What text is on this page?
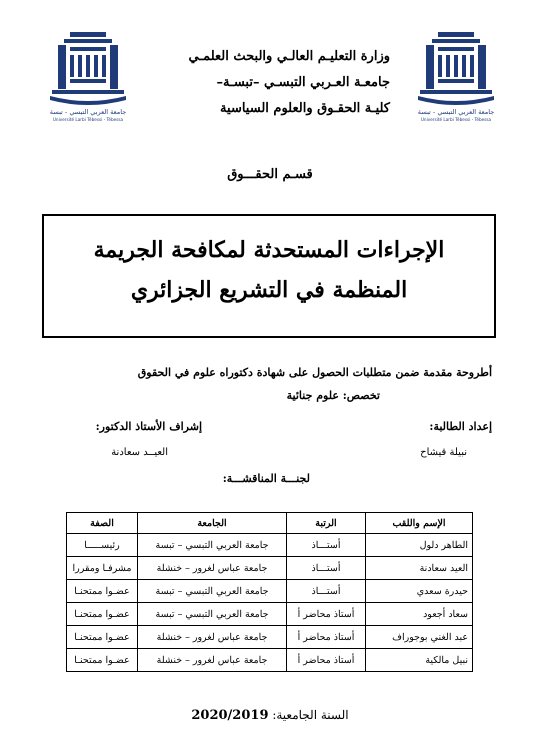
جامعة العربي التبسي - تبسة
Université Larbi Tébessi - Tébessa
جامعة العربي التبسي - تبسة
Université Larbi Tébessi - Tébessa
وزارة التعليـم العالـي والبحث العلمـي
جامعـة العـربي التبسـي –تبسـة–
كليـة الحقـوق والعلوم السياسية
قسـم الحقـــوق
الإجراءات المستحدثة لمكافحة الجريمة
المنظمة في التشريع الجزائري
أطروحة مقدمة ضمن متطلبات الحصول على شهادة دكتوراه علوم في الحقوق
تخصص: علوم جنائية
إعداد الطالبة:
نبيلة قيشاح
إشراف الأستاذ الدكتور:
العيــد سعادنة
لجنـــة المناقشـــة:
الإسم واللقب	الرتبة	الجامعة	الصفة
الطاهر دلول	أستـــاذ	جامعة العربي التبسي – تبسة	رئيســـــا
العيد سعادنة	أستـــاذ	جامعة عباس لغرور – خنشلة	مشرفـا ومقررا
حيدرة سعدي	أستـــاذ	جامعة العربي التبسي – تبسة	عضـوا ممتحنـا
سعاد أجعود	أستاذ محاضر أ	جامعة العربي التبسي – تبسة	عضـوا ممتحنـا
عبد الغني بوجوراف	أستاذ محاضر أ	جامعة عباس لغرور – خنشلة	عضـوا ممتحنـا
نبيل مالكية	أستاذ محاضر أ	جامعة عباس لغرور – خنشلة	عضـوا ممتحنـا
السنة الجامعية: 2020/2019
